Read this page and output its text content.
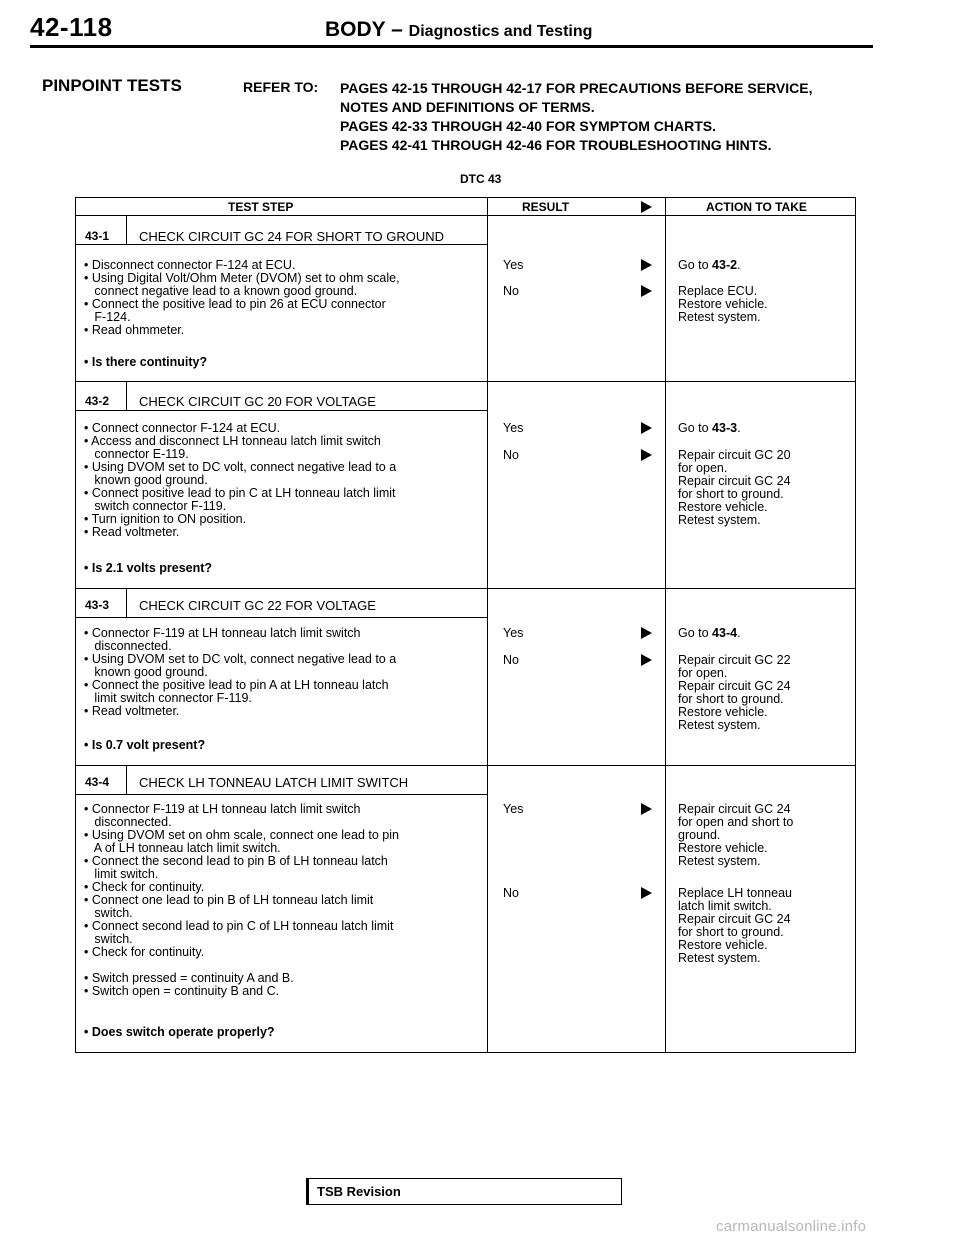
42-118	BODY – Diagnostics and Testing
PINPOINT TESTS	REFER TO: PAGES 42-15 THROUGH 42-17 FOR PRECAUTIONS BEFORE SERVICE,
NOTES AND DEFINITIONS OF TERMS.
PAGES 42-33 THROUGH 42-40 FOR SYMPTOM CHARTS.
PAGES 42-41 THROUGH 42-46 FOR TROUBLESHOOTING HINTS.
DTC 43
TEST STEP	RESULT	ACTION TO TAKE
43-1 CHECK CIRCUIT GC 24 FOR SHORT TO GROUND
• Disconnect connector F-124 at ECU.
• Using Digital Volt/Ohm Meter (DVOM) set to ohm scale,
connect negative lead to a known good ground.
• Connect the positive lead to pin 26 at ECU connector
F-124.
• Read ohmmeter.
• Is there continuity?
Yes	Go to 43-2.
No	Replace ECU.
Restore vehicle.
Retest system.
43-2 CHECK CIRCUIT GC 20 FOR VOLTAGE
• Connect connector F-124 at ECU.
• Access and disconnect LH tonneau latch limit switch
connector E-119.
• Using DVOM set to DC volt, connect negative lead to a
known good ground.
• Connect positive lead to pin C at LH tonneau latch limit
switch connector F-119.
• Turn ignition to ON position.
• Read voltmeter.
• Is 2.1 volts present?
Yes	Go to 43-3.
No	Repair circuit GC 20
for open.
Repair circuit GC 24
for short to ground.
Restore vehicle.
Retest system.
43-3 CHECK CIRCUIT GC 22 FOR VOLTAGE
• Connector F-119 at LH tonneau latch limit switch
disconnected.
• Using DVOM set to DC volt, connect negative lead to a
known good ground.
• Connect the positive lead to pin A at LH tonneau latch
limit switch connector F-119.
• Read voltmeter.
• Is 0.7 volt present?
Yes	Go to 43-4.
No	Repair circuit GC 22
for open.
Repair circuit GC 24
for short to ground.
Restore vehicle.
Retest system.
43-4 CHECK LH TONNEAU LATCH LIMIT SWITCH
• Connector F-119 at LH tonneau latch limit switch
disconnected.
• Using DVOM set on ohm scale, connect one lead to pin
A of LH tonneau latch limit switch.
• Connect the second lead to pin B of LH tonneau latch
limit switch.
• Check for continuity.
• Connect one lead to pin B of LH tonneau latch limit
switch.
• Connect second lead to pin C of LH tonneau latch limit
switch.
• Check for continuity.

• Switch pressed = continuity A and B.
• Switch open = continuity B and C.
• Does switch operate properly?
Yes	Repair circuit GC 24
for open and short to
ground.
Restore vehicle.
Retest system.
No	Replace LH tonneau
latch limit switch.
Repair circuit GC 24
for short to ground.
Restore vehicle.
Retest system.
TSB Revision
carmanualsonline.info
